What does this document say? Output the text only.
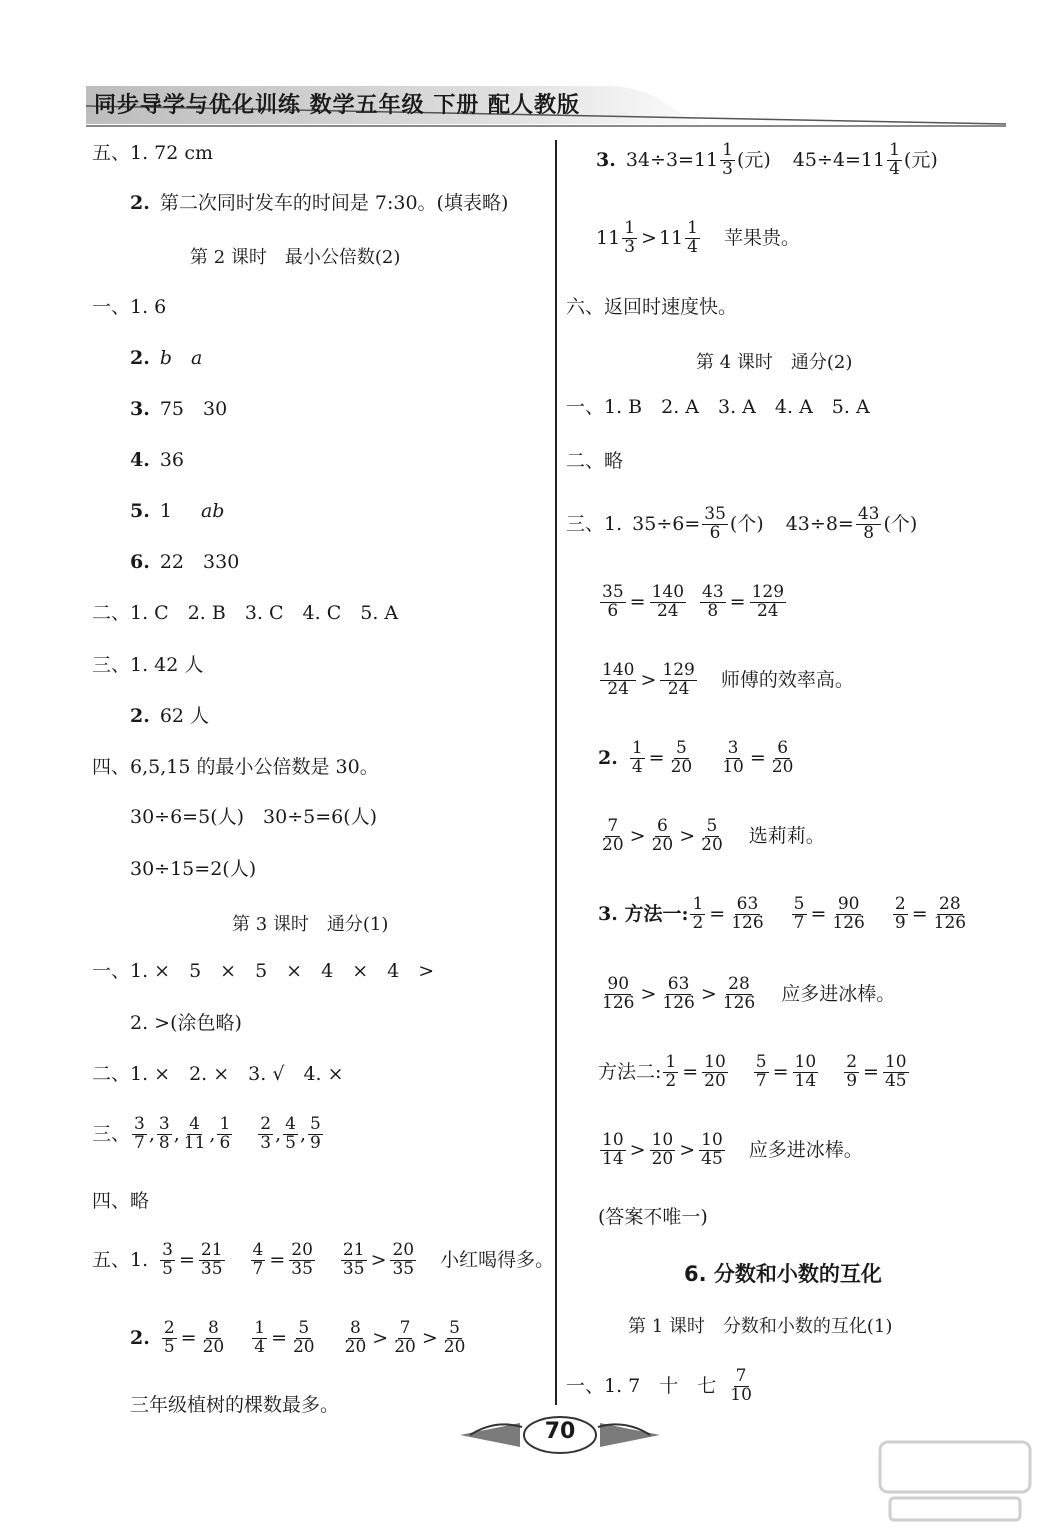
同步导学与优化训练 数学五年级 下册 配人教版
五、1. 72 cm
2. 第二次同时发车的时间是 7:30。(填表略)
第 2 课时　最小公倍数(2)
一、1. 6
2. b　a
3. 75　30
4. 36
5. 1　 ab
6. 22　330
二、1. C　2. B　3. C　4. C　5. A
三、1. 42 人
2. 62 人
四、6,5,15 的最小公倍数是 30。
30÷6=5(人)　30÷5=6(人)
30÷15=2(人)
第 3 课时　通分(1)
一、1. ×　5　×　5　×　4　×　4　>
2. >(涂色略)
二、1. ×　2. ×　3. √　4. ×
三、 $\frac{3}{7}$ , $\frac{3}{8}$ , $\frac{4}{11}$ , $\frac{1}{6} \frac{2}{3}$ , $\frac{4}{5}$ , $\frac{5}{9}$
四、略
五、1. $\frac{3}{5} = \frac{21}{35} \frac{4}{7} = \frac{20}{35} \frac{21}{35} > \frac{20}{35}$ 小红喝得多。
2. $\frac{2}{5} = \frac{8}{20} \frac{1}{4} = \frac{5}{20} \frac{8}{20} > \frac{7}{20} > \frac{5}{20}$
三年级植树的棵数最多。
3. $34\div 3=11 \frac{1}{3}$ (元) $45\div 4=11 \frac{1}{4}$ (元)
$11 \frac{1}{3} > 11 \frac{1}{4}$ 苹果贵。
六、返回时速度快。
第 4 课时　通分(2)
一、1. B　2. A　3. A　4. A　5. A
二、略
三、1. $35\div 6= \frac{35}{6}$ (个) $43\div 8= \frac{43}{8}$ (个)
$\frac{35}{6} = \frac{140}{24} \frac{43}{8} = \frac{129}{24}$
$\frac{140}{24} > \frac{129}{24}$ 师傅的效率高。
2. $\frac{1}{4} = \frac{5}{20} \frac{3}{10} = \frac{6}{20}$
$\frac{7}{20} > \frac{6}{20} > \frac{5}{20}$ 选莉莉。
3. 方法一: $\frac{1}{2} = \frac{63}{126} \frac{5}{7} = \frac{90}{126} \frac{2}{9} = \frac{28}{126}$
$\frac{90}{126} > \frac{63}{126} > \frac{28}{126}$ 应多进冰棒。
方法二: $\frac{1}{2} = \frac{10}{20} \frac{5}{7} = \frac{10}{14} \frac{2}{9} = \frac{10}{45}$
$\frac{10}{14} > \frac{10}{20} > \frac{10}{45}$ 应多进冰棒。
(答案不唯一)
6. 分数和小数的互化
第 1 课时　分数和小数的互化(1)
一、1. 7　十　七 $\frac{7}{10}$
70
